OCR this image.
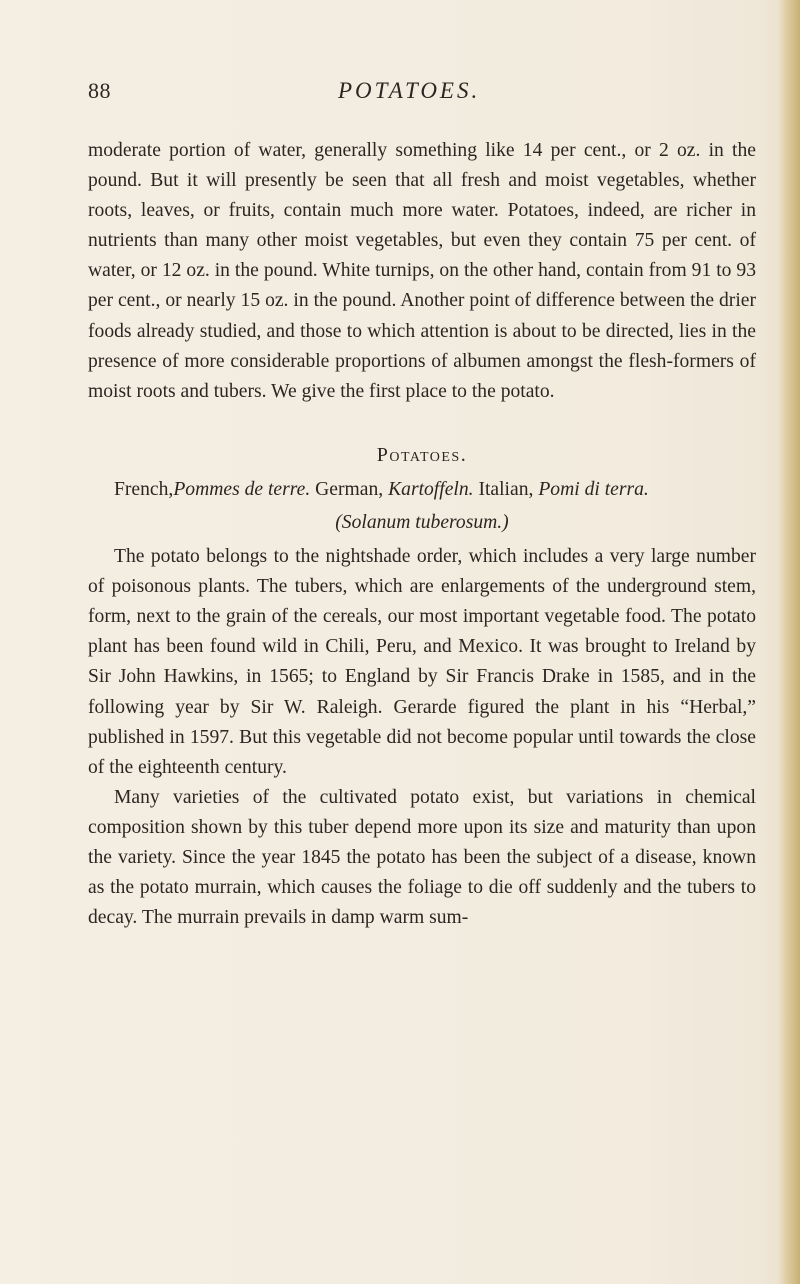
88	POTATOES.

moderate portion of water, generally something like 14 per cent., or 2 oz. in the pound. But it will presently be seen that all fresh and moist vegetables, whether roots, leaves, or fruits, contain much more water. Potatoes, indeed, are richer in nutrients than many other moist vegetables, but even they contain 75 per cent. of water, or 12 oz. in the pound. White turnips, on the other hand, contain from 91 to 93 per cent., or nearly 15 oz. in the pound. Another point of difference between the drier foods already studied, and those to which attention is about to be directed, lies in the presence of more considerable proportions of albumen amongst the flesh-formers of moist roots and tubers. We give the first place to the potato.

Potatoes.

French,Pommes de terre. German, Kartoffeln. Italian, Pomi di terra.

(Solanum tuberosum.)

The potato belongs to the nightshade order, which includes a very large number of poisonous plants. The tubers, which are enlargements of the underground stem, form, next to the grain of the cereals, our most important vegetable food. The potato plant has been found wild in Chili, Peru, and Mexico. It was brought to Ireland by Sir John Hawkins, in 1565; to England by Sir Francis Drake in 1585, and in the following year by Sir W. Raleigh. Gerarde figured the plant in his “Herbal,” published in 1597. But this vegetable did not become popular until towards the close of the eighteenth century.

Many varieties of the cultivated potato exist, but variations in chemical composition shown by this tuber depend more upon its size and maturity than upon the variety. Since the year 1845 the potato has been the subject of a disease, known as the potato murrain, which causes the foliage to die off suddenly and the tubers to decay. The murrain prevails in damp warm sum-
